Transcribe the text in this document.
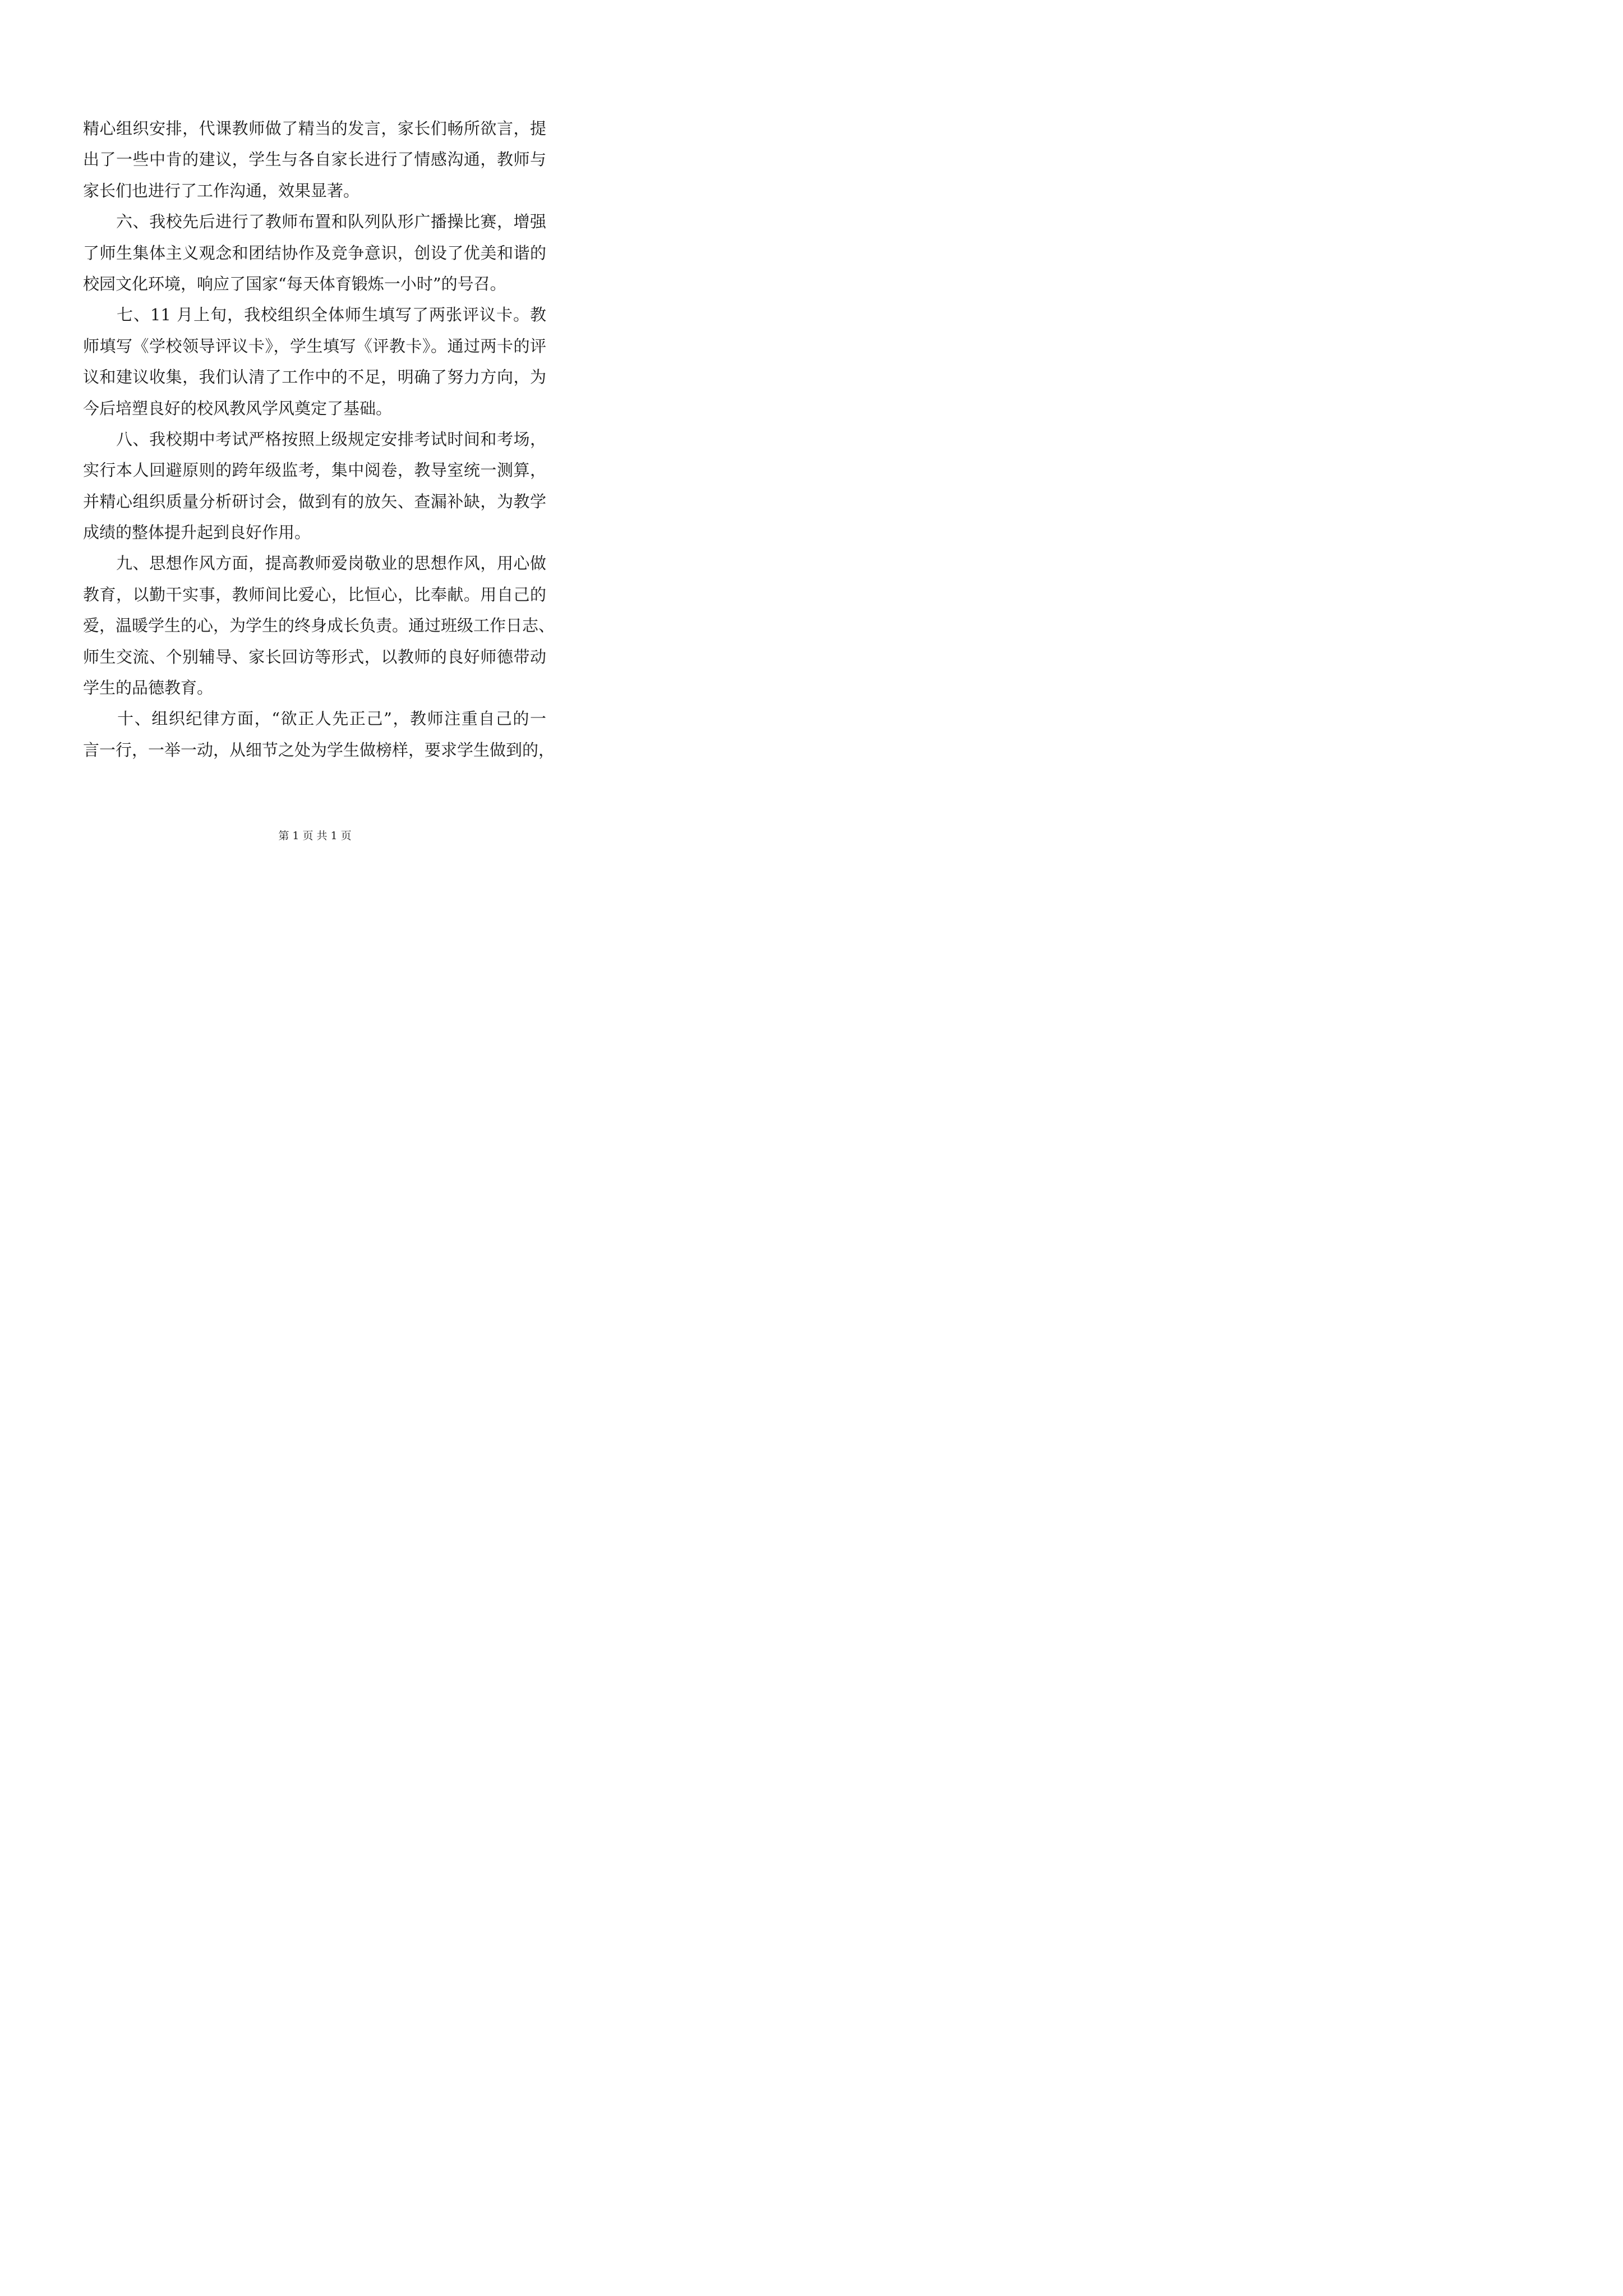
精心组织安排，代课教师做了精当的发言，家长们畅所欲言，提
出了一些中肯的建议，学生与各自家长进行了情感沟通，教师与
家长们也进行了工作沟通，效果显著。
　　六、我校先后进行了教师布置和队列队形广播操比赛，增强
了师生集体主义观念和团结协作及竞争意识，创设了优美和谐的
校园文化环境，响应了国家“每天体育锻炼一小时”的号召。
　　七、11 月上旬，我校组织全体师生填写了两张评议卡。教
师填写《学校领导评议卡》，学生填写《评教卡》。通过两卡的评
议和建议收集，我们认清了工作中的不足，明确了努力方向，为
今后培塑良好的校风教风学风奠定了基础。
　　八、我校期中考试严格按照上级规定安排考试时间和考场，
实行本人回避原则的跨年级监考，集中阅卷，教导室统一测算，
并精心组织质量分析研讨会，做到有的放矢、查漏补缺，为教学
成绩的整体提升起到良好作用。
　　九、思想作风方面，提高教师爱岗敬业的思想作风，用心做
教育，以勤干实事，教师间比爱心，比恒心，比奉献。用自己的
爱，温暖学生的心，为学生的终身成长负责。通过班级工作日志、
师生交流、个别辅导、家长回访等形式，以教师的良好师德带动
学生的品德教育。
　　十、组织纪律方面，“欲正人先正己”，教师注重自己的一
言一行，一举一动，从细节之处为学生做榜样，要求学生做到的，
第 1 页 共 1 页
